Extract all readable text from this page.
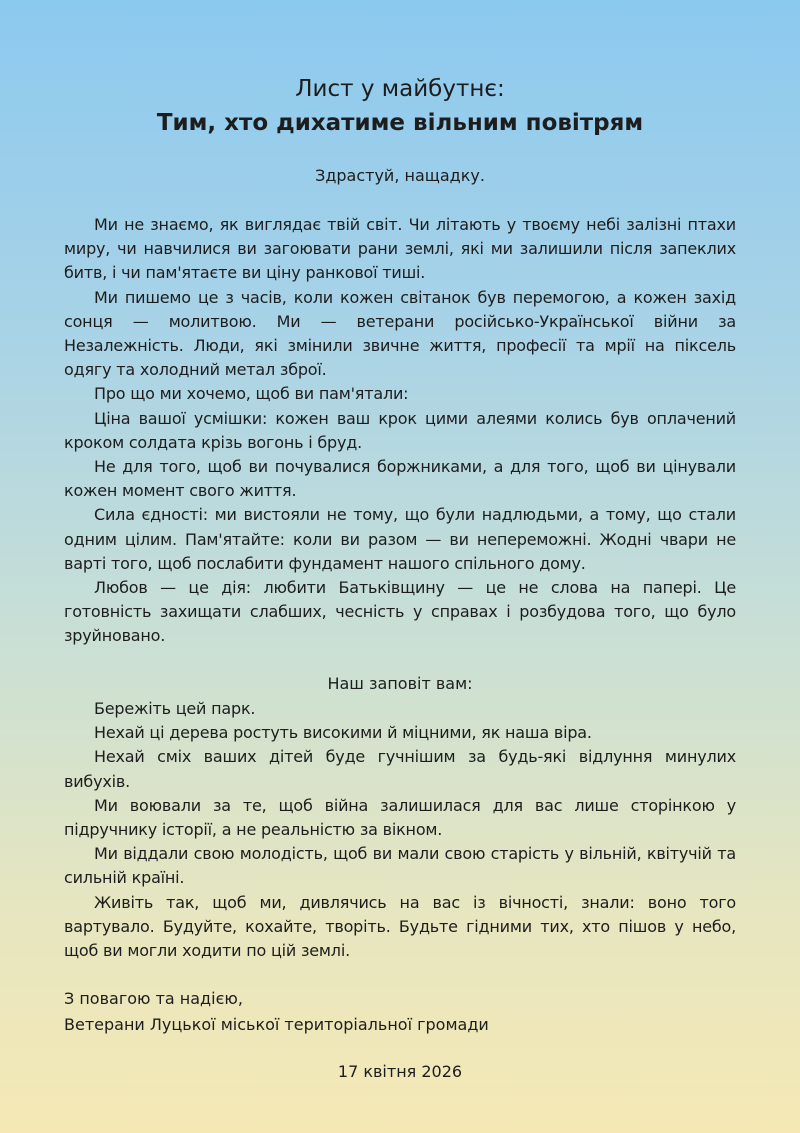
Лист у майбутнє:
Тим, хто дихатиме вільним повітрям
Здрастуй, нащадку.

Ми не знаємо, як виглядає твій світ. Чи літають у твоєму небі залізні птахи миру, чи навчилися ви загоювати рани землі, які ми залишили після запеклих битв, і чи пам'ятаєте ви ціну ранкової тиші.

Ми пишемо це з часів, коли кожен світанок був перемогою, а кожен захід сонця — молитвою. Ми — ветерани російсько-Української війни за Незалежність. Люди, які змінили звичне життя, професії та мрії на піксель одягу та холодний метал зброї.

Про що ми хочемо, щоб ви пам'ятали:

Ціна вашої усмішки: кожен ваш крок цими алеями колись був оплачений кроком солдата крізь вогонь і бруд.

Не для того, щоб ви почувалися боржниками, а для того, щоб ви цінували кожен момент свого життя.

Сила єдності: ми вистояли не тому, що були надлюдьми, а тому, що стали одним цілим. Пам'ятайте: коли ви разом — ви непереможні. Жодні чвари не варті того, щоб послабити фундамент нашого спільного дому.

Любов — це дія: любити Батьківщину — це не слова на папері. Це готовність захищати слабших, чесність у справах і розбудова того, що було зруйновано.

Наш заповіт вам:

Бережіть цей парк.

Нехай ці дерева ростуть високими й міцними, як наша віра.

Нехай сміх ваших дітей буде гучнішим за будь-які відлуння минулих вибухів.

Ми воювали за те, щоб війна залишилася для вас лише сторінкою у підручнику історії, а не реальністю за вікном.

Ми віддали свою молодість, щоб ви мали свою старість у вільній, квітучій та сильній країні.

Живіть так, щоб ми, дивлячись на вас із вічності, знали: воно того вартувало. Будуйте, кохайте, творіть. Будьте гідними тих, хто пішов у небо, щоб ви могли ходити по цій землі.

З повагою та надією,
Ветерани Луцької міської територіальної громади
17 квітня 2026
